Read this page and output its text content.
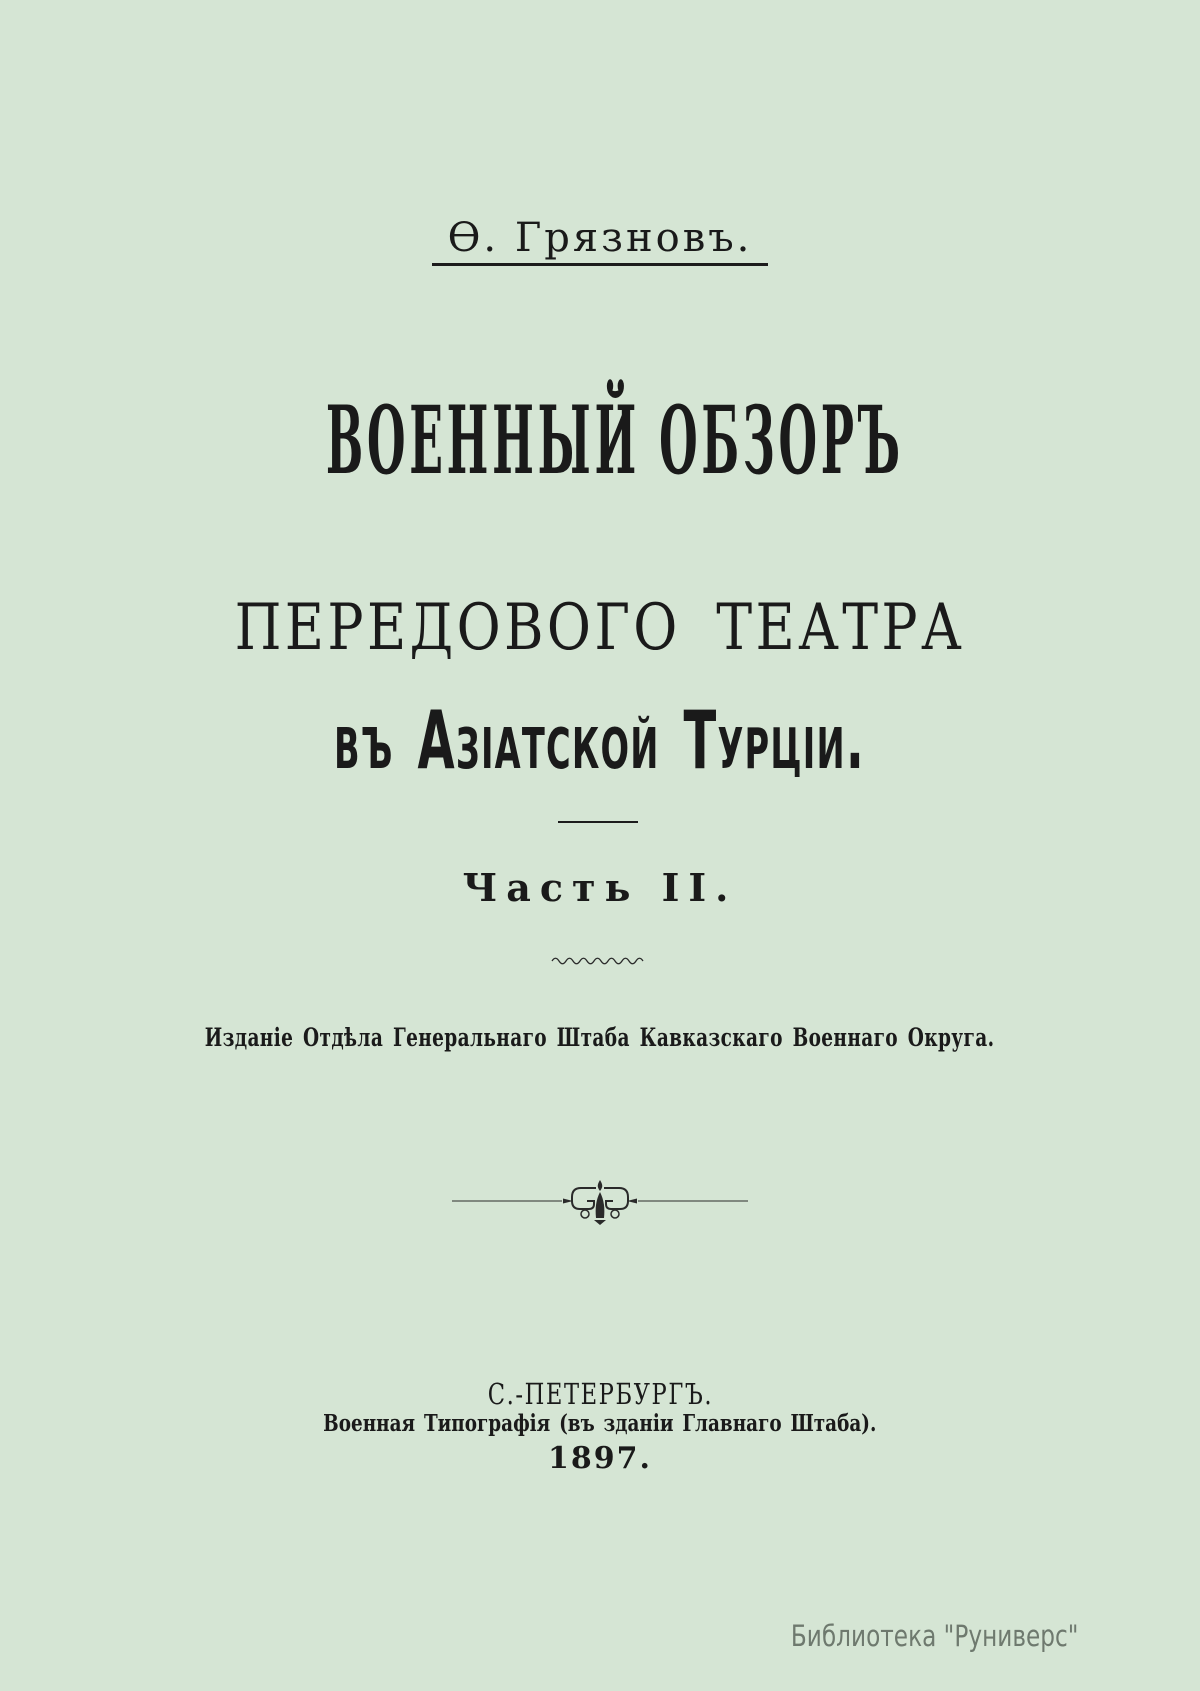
Ѳ. Грязновъ.
ВОЕННЫЙ ОБЗОРЪ
ПЕРЕДОВОГО ТЕАТРА
въ Азіатской Турціи.
Часть II.
Изданіе Отдѣла Генеральнаго Штаба Кавказскаго Военнаго Округа.
С.-ПЕТЕРБУРГЪ.
Военная Типографія (въ зданіи Главнаго Штаба).
1897.
Библиотека "Руниверс"
